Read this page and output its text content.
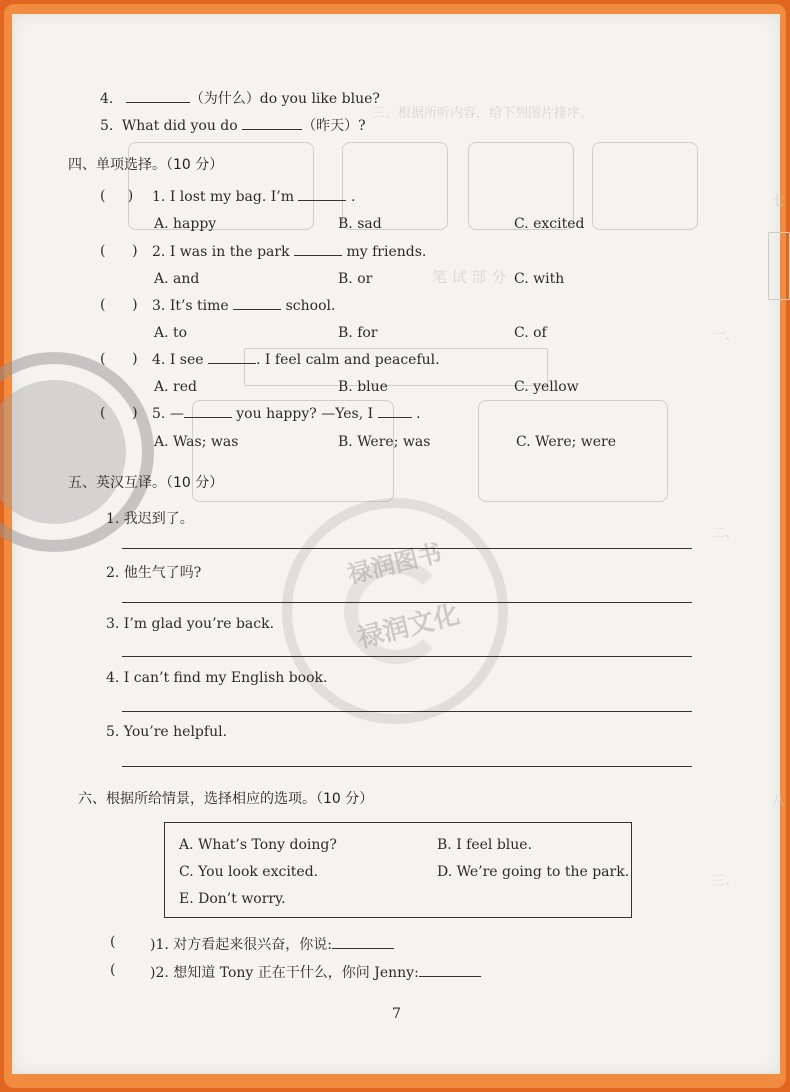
三、根据所听内容，给下列图片排序。
笔 试 部 分
一、
二、
三、
七
八
禄润图书
禄润文化
4.	（为什么）do you like blue?
5. What did you do	（昨天）?
四、单项选择。（10 分）
(     ) 1. I lost my bag. I’m	.
A. happy	B. sad	C. excited
(      ) 2. I was in the park	my friends.
A. and	B. or	C. with
(      ) 3. It’s time	school.
A. to	B. for	C. of
(      ) 4. I see	. I feel calm and peaceful.
A. red	B. blue	C. yellow
(      ) 5. —	you happy? —Yes, I	.
A. Was; was	B. Were; was	C. Were; were
五、英汉互译。（10 分）
1. 我迟到了。
2. 他生气了吗?
3. I’m glad you’re back.
4. I can’t find my English book.
5. You’re helpful.
六、根据所给情景，选择相应的选项。（10 分）
A. What’s Tony doing?	B. I feel blue.
C. You look excited.	D. We’re going to the park.
E. Don’t worry.
( )1. 对方看起来很兴奋，你说:
( )2. 想知道 Tony 正在干什么，你问 Jenny:
7
